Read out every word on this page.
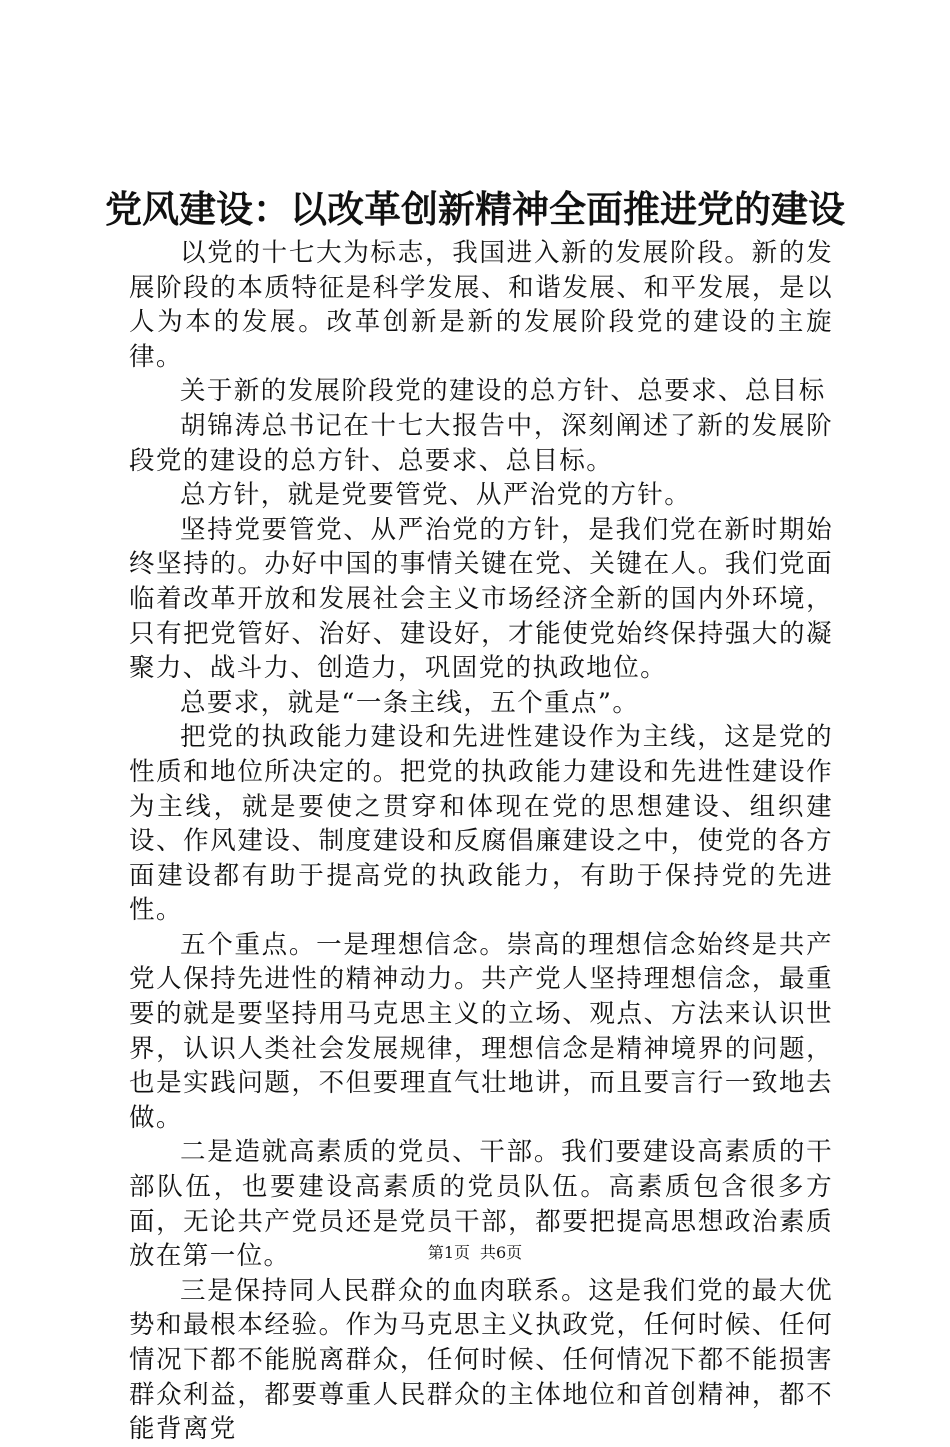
党风建设：以改革创新精神全面推进党的建设

以党的十七大为标志，我国进入新的发展阶段。新的发展阶段的本质特征是科学发展、和谐发展、和平发展，是以人为本的发展。改革创新是新的发展阶段党的建设的主旋律。

关于新的发展阶段党的建设的总方针、总要求、总目标

胡锦涛总书记在十七大报告中，深刻阐述了新的发展阶段党的建设的总方针、总要求、总目标。

总方针，就是党要管党、从严治党的方针。

坚持党要管党、从严治党的方针，是我们党在新时期始终坚持的。办好中国的事情关键在党、关键在人。我们党面临着改革开放和发展社会主义市场经济全新的国内外环境，只有把党管好、治好、建设好，才能使党始终保持强大的凝聚力、战斗力、创造力，巩固党的执政地位。

总要求，就是“一条主线，五个重点”。

把党的执政能力建设和先进性建设作为主线，这是党的性质和地位所决定的。把党的执政能力建设和先进性建设作为主线，就是要使之贯穿和体现在党的思想建设、组织建设、作风建设、制度建设和反腐倡廉建设之中，使党的各方面建设都有助于提高党的执政能力，有助于保持党的先进性。

五个重点。一是理想信念。崇高的理想信念始终是共产党人保持先进性的精神动力。共产党人坚持理想信念，最重要的就是要坚持用马克思主义的立场、观点、方法来认识世界，认识人类社会发展规律，理想信念是精神境界的问题，也是实践问题，不但要理直气壮地讲，而且要言行一致地去做。

二是造就高素质的党员、干部。我们要建设高素质的干部队伍，也要建设高素质的党员队伍。高素质包含很多方面，无论共产党员还是党员干部，都要把提高思想政治素质放在第一位。

三是保持同人民群众的血肉联系。这是我们党的最大优势和最根本经验。作为马克思主义执政党，任何时候、任何情况下都不能脱离群众，任何时候、任何情况下都不能损害群众利益，都要尊重人民群众的主体地位和首创精神，都不能背离党

第1页 共6页
